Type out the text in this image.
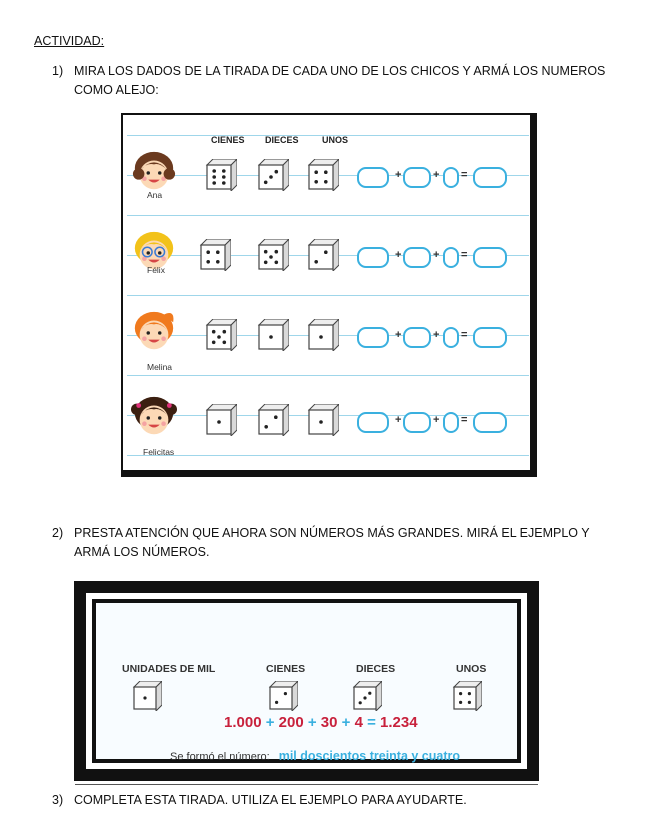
ACTIVIDAD:
1) MIRA LOS DADOS DE LA TIRADA DE CADA UNO DE LOS CHICOS Y ARMÁ LOS NUMEROS COMO ALEJO:
CIENES DIECES	UNOS
Ana
+	+ =
Félix
+	+ =
Melina
+	+ =
Felicitas
+	+ =
2) PRESTA ATENCIÓN QUE AHORA SON NÚMEROS MÁS GRANDES. MIRÁ EL EJEMPLO Y ARMÁ LOS NÚMEROS.
UNIDADES DE MIL	CIENES	DIECES	UNOS
1.000 + 200 + 30 + 4 = 1.234
Se formó el número: mil doscientos treinta y cuatro
3) COMPLETA ESTA TIRADA. UTILIZA EL EJEMPLO PARA AYUDARTE.
